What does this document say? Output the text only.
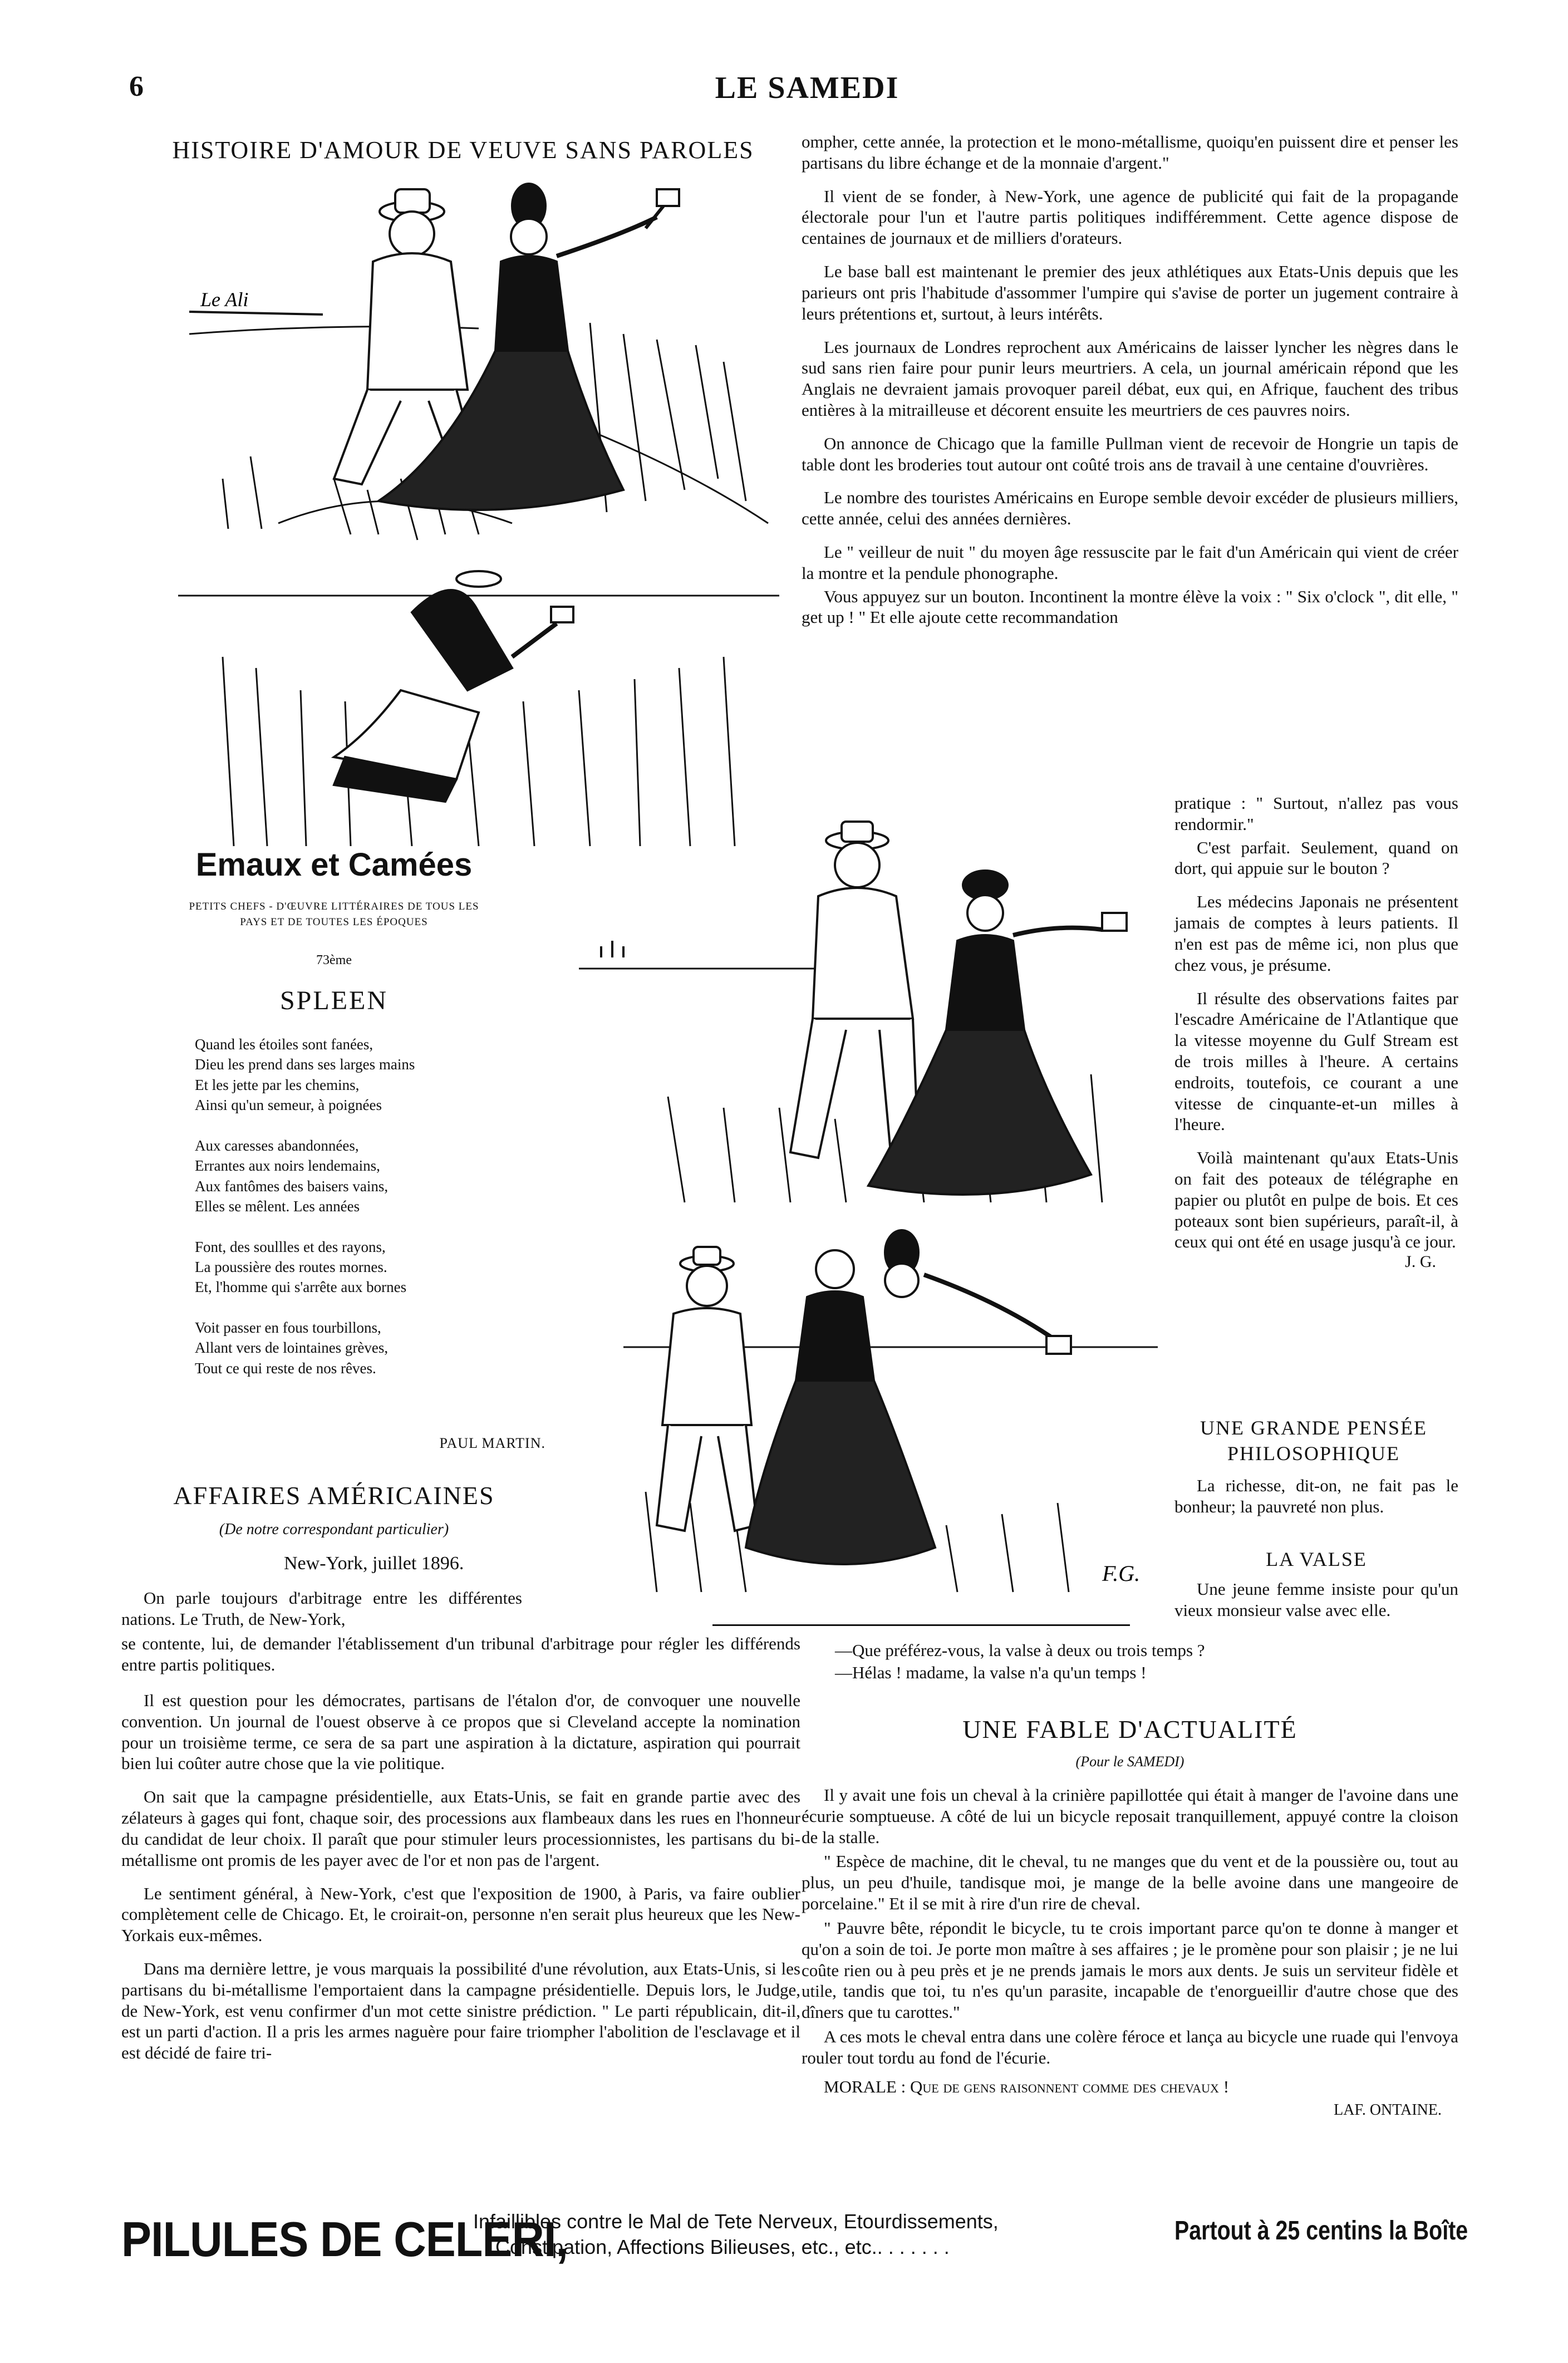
6	LE SAMEDI
HISTOIRE D'AMOUR DE VEUVE SANS PAROLES
Le Ali
Emaux et Camées
PETITS CHEFS - D'ŒUVRE LITTÉRAIRES DE TOUS LES
PAYS ET DE TOUTES LES ÉPOQUES
73ème
SPLEEN

Quand les étoiles sont fanées,

Dieu les prend dans ses larges mains

Et les jette par les chemins,

Ainsi qu'un semeur, à poignées

Aux caresses abandonnées,

Errantes aux noirs lendemains,

Aux fantômes des baisers vains,

Elles se mêlent. Les années

Font, des soullles et des rayons,

La poussière des routes mornes.

Et, l'homme qui s'arrête aux bornes

Voit passer en fous tourbillons,

Allant vers de lointaines grèves,

Tout ce qui reste de nos rêves.

PAUL MARTIN.
AFFAIRES AMÉRICAINES
(De notre correspondant particulier)
New-York, juillet 1896.

On parle toujours d'arbitrage entre les différentes nations. Le Truth, de New-York,

se contente, lui, de demander l'établissement d'un tribunal d'arbitrage pour régler les différends entre partis politiques.

Il est question pour les démocrates, partisans de l'étalon d'or, de convoquer une nouvelle convention. Un journal de l'ouest observe à ce propos que si Cleveland accepte la nomination pour un troisième terme, ce sera de sa part une aspiration à la dictature, aspiration qui pourrait bien lui coûter autre chose que la vie politique.

On sait que la campagne présidentielle, aux Etats-Unis, se fait en grande partie avec des zélateurs à gages qui font, chaque soir, des processions aux flambeaux dans les rues en l'honneur du candidat de leur choix. Il paraît que pour stimuler leurs processionnistes, les partisans du bi-métallisme ont promis de les payer avec de l'or et non pas de l'argent.

Le sentiment général, à New-York, c'est que l'exposition de 1900, à Paris, va faire oublier complètement celle de Chicago. Et, le croirait-on, personne n'en serait plus heureux que les New-Yorkais eux-mêmes.

Dans ma dernière lettre, je vous marquais la possibilité d'une révolution, aux Etats-Unis, si les partisans du bi-métallisme l'emportaient dans la campagne présidentielle. Depuis lors, le Judge, de New-York, est venu confirmer d'un mot cette sinistre prédiction. " Le parti républicain, dit-il, est un parti d'action. Il a pris les armes naguère pour faire triompher l'abolition de l'esclavage et il est décidé de faire tri-

ompher, cette année, la protection et le mono-métallisme, quoiqu'en puissent dire et penser les partisans du libre échange et de la monnaie d'argent."

Il vient de se fonder, à New-York, une agence de publicité qui fait de la propagande électorale pour l'un et l'autre partis politiques indifféremment. Cette agence dispose de centaines de journaux et de milliers d'orateurs.

Le base ball est maintenant le premier des jeux athlétiques aux Etats-Unis depuis que les parieurs ont pris l'habitude d'assommer l'umpire qui s'avise de porter un jugement contraire à leurs prétentions et, surtout, à leurs intérêts.

Les journaux de Londres reprochent aux Américains de laisser lyncher les nègres dans le sud sans rien faire pour punir leurs meurtriers. A cela, un journal américain répond que les Anglais ne devraient jamais provoquer pareil débat, eux qui, en Afrique, fauchent des tribus entières à la mitrailleuse et décorent ensuite les meurtriers de ces pauvres noirs.

On annonce de Chicago que la famille Pullman vient de recevoir de Hongrie un tapis de table dont les broderies tout autour ont coûté trois ans de travail à une centaine d'ouvrières.

Le nombre des touristes Américains en Europe semble devoir excéder de plusieurs milliers, cette année, celui des années dernières.

Le " veilleur de nuit " du moyen âge ressuscite par le fait d'un Américain qui vient de créer la montre et la pendule phonographe.

Vous appuyez sur un bouton. Incontinent la montre élève la voix : " Six o'clock ", dit elle, " get up ! " Et elle ajoute cette recommandation

pratique : " Surtout, n'allez pas vous rendormir."

C'est parfait. Seulement, quand on dort, qui appuie sur le bouton ?

Les médecins Japonais ne présentent jamais de comptes à leurs patients. Il n'en est pas de même ici, non plus que chez vous, je présume.

Il résulte des observations faites par l'escadre Américaine de l'Atlantique que la vitesse moyenne du Gulf Stream est de trois milles à l'heure. A certains endroits, toutefois, ce courant a une vitesse de cinquante-et-un milles à l'heure.

Voilà maintenant qu'aux Etats-Unis on fait des poteaux de télégraphe en papier ou plutôt en pulpe de bois. Et ces poteaux sont bien supérieurs, paraît-il, à ceux qui ont été en usage jusqu'à ce jour.

J. G.
F.G.
UNE GRANDE PENSÉE
PHILOSOPHIQUE

La richesse, dit-on, ne fait pas le bonheur; la pauvreté non plus.

LA VALSE

Une jeune femme insiste pour qu'un vieux monsieur valse avec elle.

—Que préférez-vous, la valse à deux ou trois temps ?

—Hélas ! madame, la valse n'a qu'un temps !

UNE FABLE D'ACTUALITÉ
(Pour le SAMEDI)

Il y avait une fois un cheval à la crinière papillottée qui était à manger de l'avoine dans une écurie somptueuse. A côté de lui un bicycle reposait tranquillement, appuyé contre la cloison de la stalle.

" Espèce de machine, dit le cheval, tu ne manges que du vent et de la poussière ou, tout au plus, un peu d'huile, tandisque moi, je mange de la belle avoine dans une mangeoire de porcelaine." Et il se mit à rire d'un rire de cheval.

" Pauvre bête, répondit le bicycle, tu te crois important parce qu'on te donne à manger et qu'on a soin de toi. Je porte mon maître à ses affaires ; je le promène pour son plaisir ; je ne lui coûte rien ou à peu près et je ne prends jamais le mors aux dents. Je suis un serviteur fidèle et utile, tandis que toi, tu n'es qu'un parasite, incapable de t'enorgueillir d'autre chose que des dîners que tu carottes."

A ces mots le cheval entra dans une colère féroce et lança au bicycle une ruade qui l'envoya rouler tout tordu au fond de l'écurie.

MORALE : Que de gens raisonnent comme des chevaux !

LAF. ONTAINE.
PILULES DE CELERI,
Infaillibles contre le Mal de Tete Nerveux, Etourdissements,
Constipation, Affections Bilieuses, etc., etc.. . . . . . .
Partout à 25 centins la Boîte
